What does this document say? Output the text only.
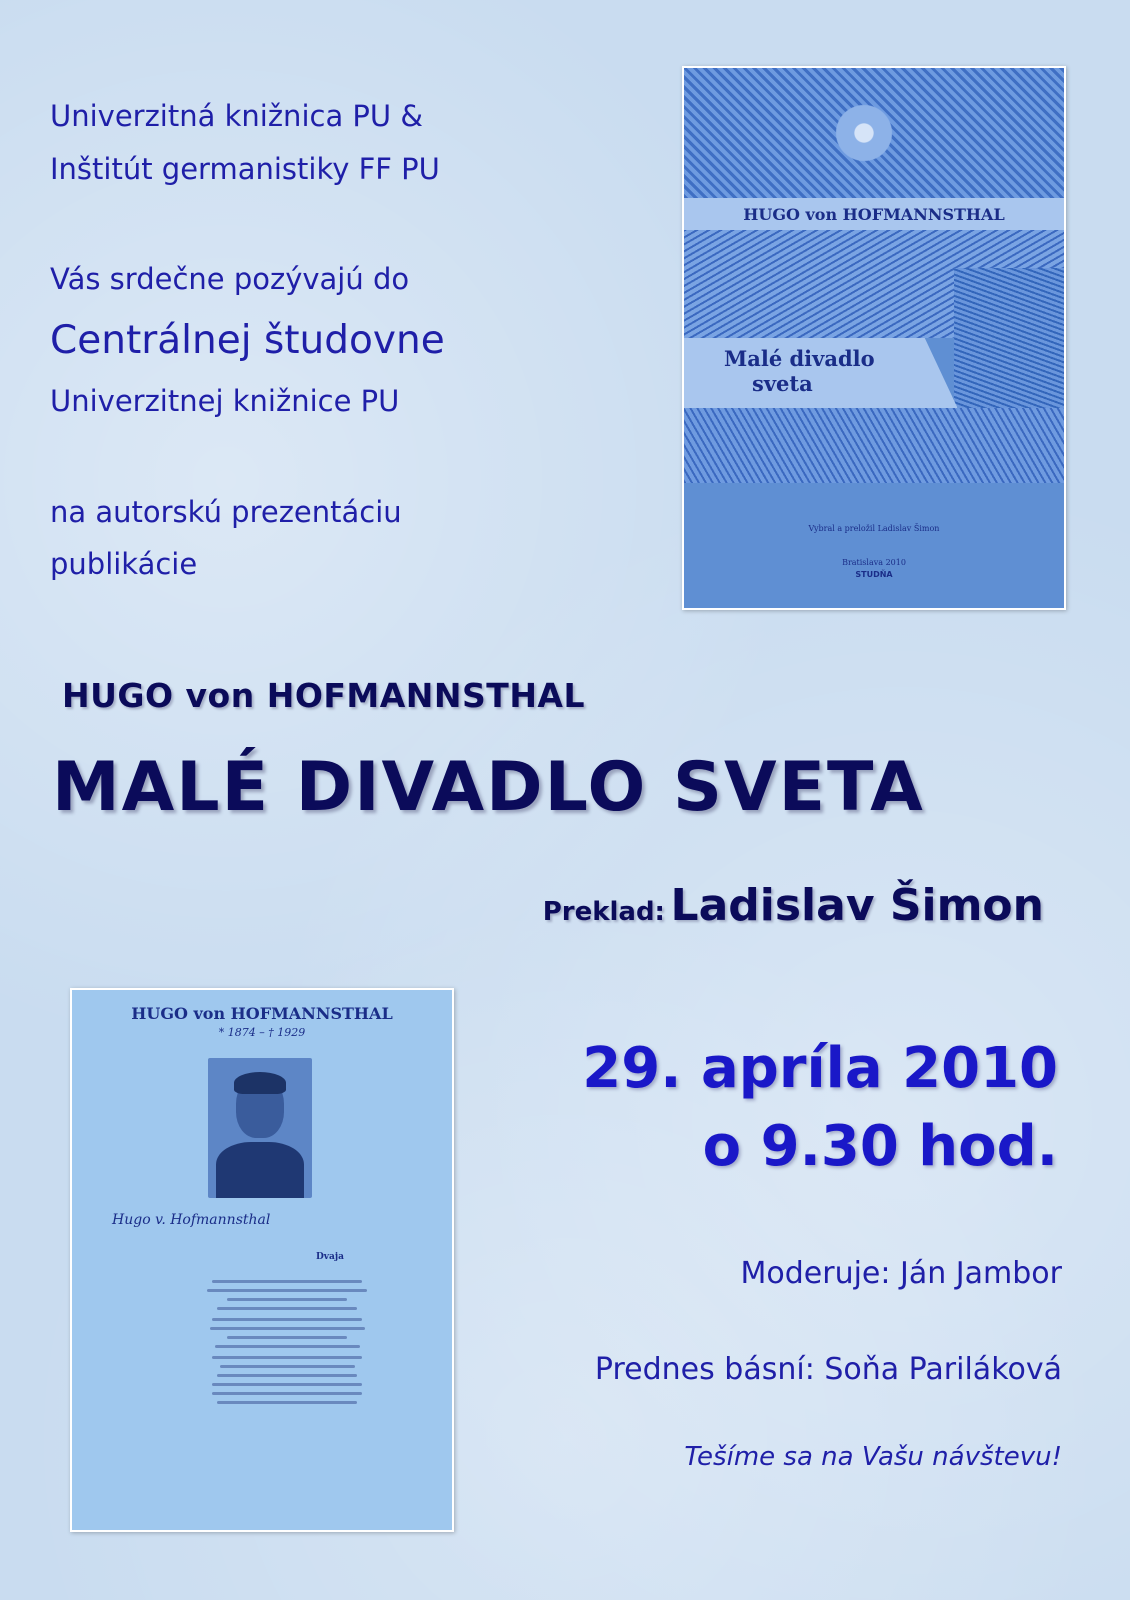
Univerzitná knižnica PU &
Inštitút germanistiky FF PU
Vás srdečne pozývajú do
Centrálnej študovne
Univerzitnej knižnice PU
na autorskú prezentáciu
publikácie
HUGO von HOFMANNSTHAL
Malé divadlo
sveta
Vybral a preložil Ladislav Šimon
Bratislava 2010
STUDŇA
HUGO von HOFMANNSTHAL
MALÉ DIVADLO SVETA
Preklad: Ladislav Šimon
HUGO von HOFMANNSTHAL
* 1874 – † 1929
Hugo v. Hofmannsthal
Dvaja
29. apríla 2010
o 9.30 hod.
Moderuje: Ján Jambor
Prednes básní: Soňa Pariláková
Tešíme sa na Vašu návštevu!
